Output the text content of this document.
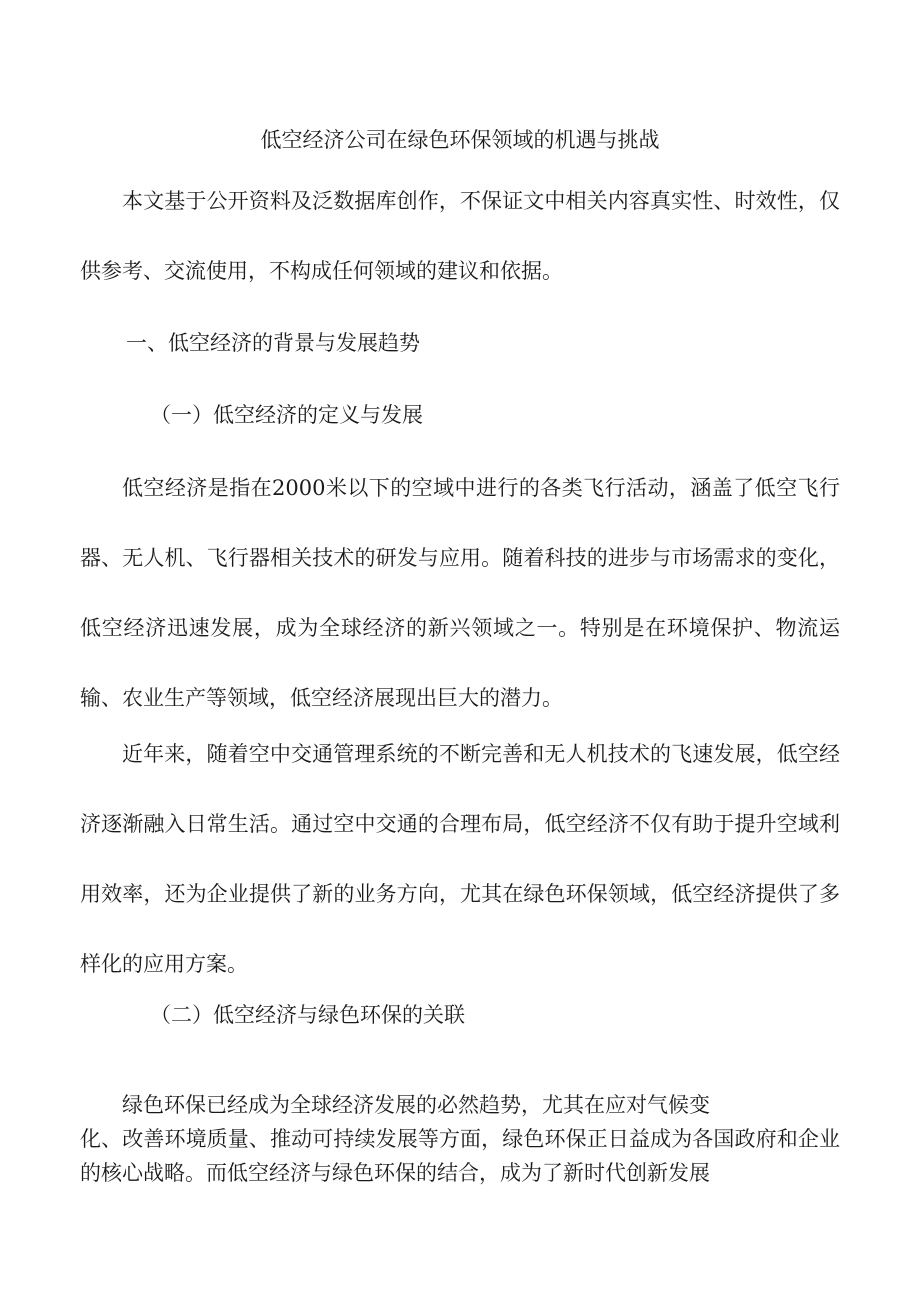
低空经济公司在绿色环保领域的机遇与挑战

本文基于公开资料及泛数据库创作，不保证文中相关内容真实性、时效性，仅供参考、交流使用，不构成任何领域的建议和依据。

一、低空经济的背景与发展趋势
（一）低空经济的定义与发展

低空经济是指在2000米以下的空域中进行的各类飞行活动，涵盖了低空飞行器、无人机、飞行器相关技术的研发与应用。随着科技的进步与市场需求的变化，低空经济迅速发展，成为全球经济的新兴领域之一。特别是在环境保护、物流运输、农业生产等领域，低空经济展现出巨大的潜力。

近年来，随着空中交通管理系统的不断完善和无人机技术的飞速发展，低空经济逐渐融入日常生活。通过空中交通的合理布局，低空经济不仅有助于提升空域利用效率，还为企业提供了新的业务方向，尤其在绿色环保领域，低空经济提供了多样化的应用方案。

（二）低空经济与绿色环保的关联

绿色环保已经成为全球经济发展的必然趋势，尤其在应对气候变

化、改善环境质量、推动可持续发展等方面，绿色环保正日益成为各国政府和企业的核心战略。而低空经济与绿色环保的结合，成为了新时代创新发展
